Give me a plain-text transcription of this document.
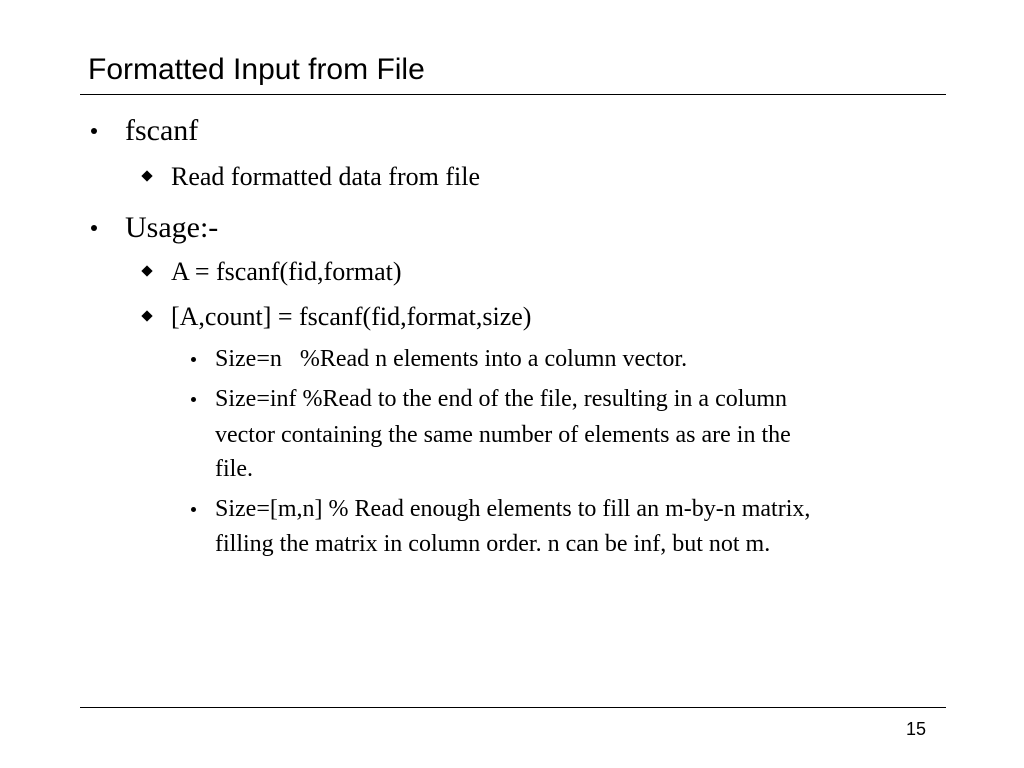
Formatted Input from File
fscanf
Read formatted data from file
Usage:-
A = fscanf(fid,format)
[A,count] = fscanf(fid,format,size)
Size=n   %Read n elements into a column vector.
Size=inf %Read to the end of the file, resulting in a column
vector containing the same number of elements as are in the
file.
Size=[m,n] % Read enough elements to fill an m-by-n matrix,
filling the matrix in column order. n can be inf, but not m.
15
